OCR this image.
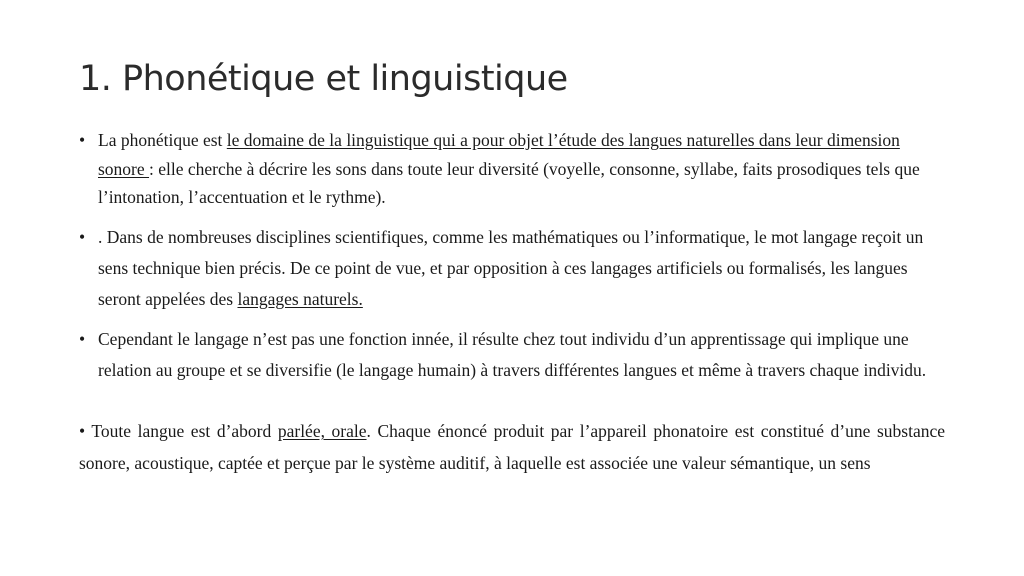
1. Phonétique et linguistique

• La phonétique est le domaine de la linguistique qui a pour objet l’étude des langues naturelles dans leur dimension sonore : elle cherche à décrire les sons dans toute leur diversité (voyelle, consonne, syllabe, faits prosodiques tels que l’intonation, l’accentuation et le rythme).

• . Dans de nombreuses disciplines scientifiques, comme les mathématiques ou l’informatique, le mot langage reçoit un sens technique bien précis. De ce point de vue, et par opposition à ces langages artificiels ou formalisés, les langues seront appelées des langages naturels.

• Cependant le langage n’est pas une fonction innée, il résulte chez tout individu d’un apprentissage qui implique une relation au groupe et se diversifie (le langage humain) à travers différentes langues et même à travers chaque individu.

• Toute langue est d’abord parlée, orale. Chaque énoncé produit par l’appareil phonatoire est constitué d’une substance sonore, acoustique, captée et perçue par le système auditif, à laquelle est associée une valeur sémantique, un sens
